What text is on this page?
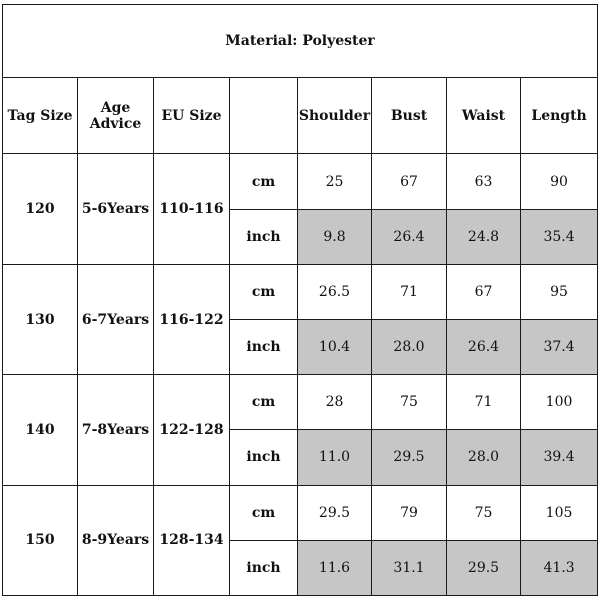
Material: Polyester							
Tag Size	Age Advice	EU Size		Shoulder	Bust	Waist	Length
120	5-6Years	110-116	cm	25	67	63	90
			inch	9.8	26.4	24.8	35.4
130	6-7Years	116-122	cm	26.5	71	67	95
			inch	10.4	28.0	26.4	37.4
140	7-8Years	122-128	cm	28	75	71	100
			inch	11.0	29.5	28.0	39.4
150	8-9Years	128-134	cm	29.5	79	75	105
			inch	11.6	31.1	29.5	41.3
